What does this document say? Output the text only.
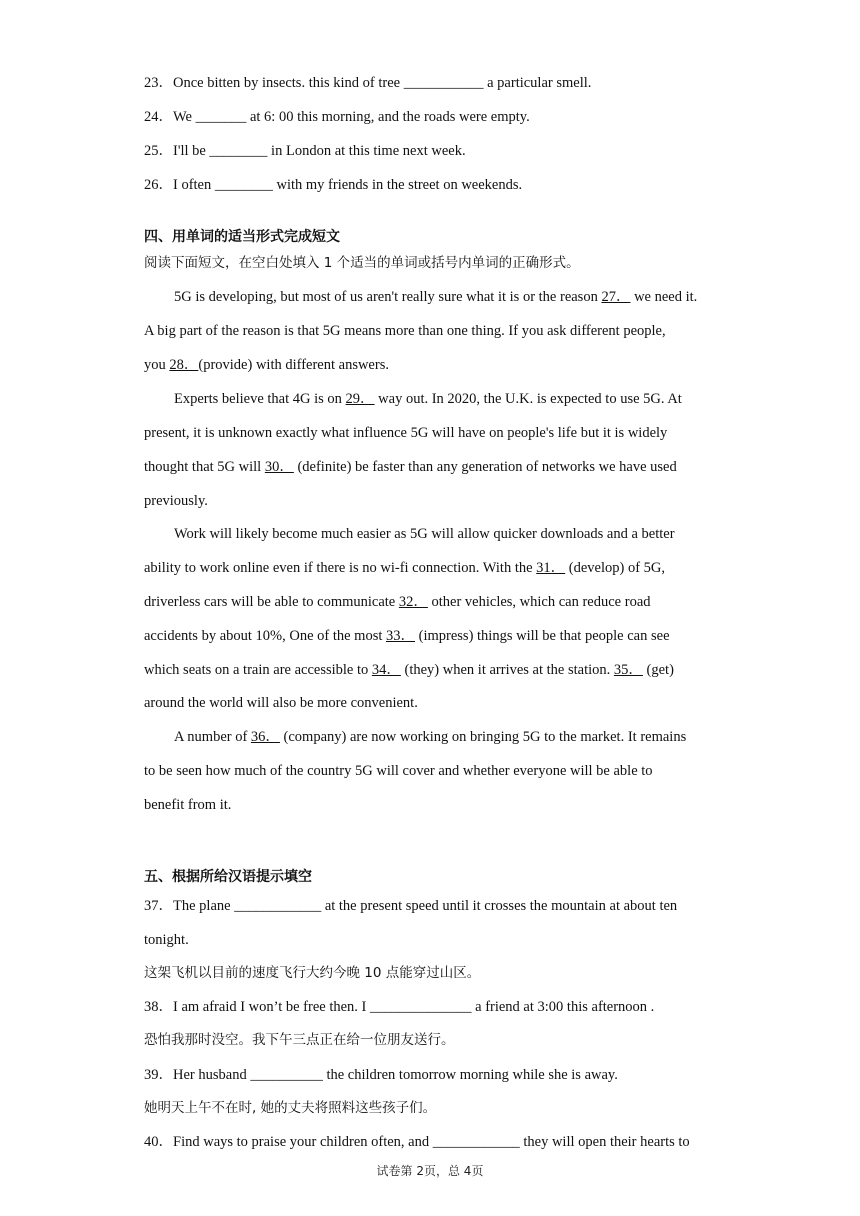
23．Once bitten by insects. this kind of tree ___________ a particular smell.
24．We _______ at 6: 00 this morning, and the roads were empty.
25．I'll be ________ in London at this time next week.
26．I often ________ with my friends in the street on weekends.
四、用单词的适当形式完成短文
阅读下面短文，在空白处填入 1 个适当的单词或括号内单词的正确形式。
5G is developing, but most of us aren't really sure what it is or the reason 27． we need it.
A big part of the reason is that 5G means more than one thing. If you ask different people,
you 28．(provide) with different answers.
Experts believe that 4G is on 29． way out. In 2020, the U.K. is expected to use 5G. At
present, it is unknown exactly what influence 5G will have on people's life but it is widely
thought that 5G will 30． (definite) be faster than any generation of networks we have used
previously.
Work will likely become much easier as 5G will allow quicker downloads and a better
ability to work online even if there is no wi-fi connection. With the 31． (develop) of 5G,
driverless cars will be able to communicate 32． other vehicles, which can reduce road
accidents by about 10%, One of the most 33． (impress) things will be that people can see
which seats on a train are accessible to 34． (they) when it arrives at the station. 35． (get)
around the world will also be more convenient.
A number of 36． (company) are now working on bringing 5G to the market. It remains
to be seen how much of the country 5G will cover and whether everyone will be able to
benefit from it.
五、根据所给汉语提示填空
37．The plane ____________ at the present speed until it crosses the mountain at about ten
tonight.
这架飞机以目前的速度飞行大约今晚 10 点能穿过山区。
38．I am afraid I won’t be free then. I ______________ a friend at 3:00 this afternoon .
恐怕我那时没空。我下午三点正在给一位朋友送行。
39．Her husband __________ the children tomorrow morning while she is away.
她明天上午不在时, 她的丈夫将照料这些孩子们。
40．Find ways to praise your children often, and ____________ they will open their hearts to
试卷第 2页，总 4页
